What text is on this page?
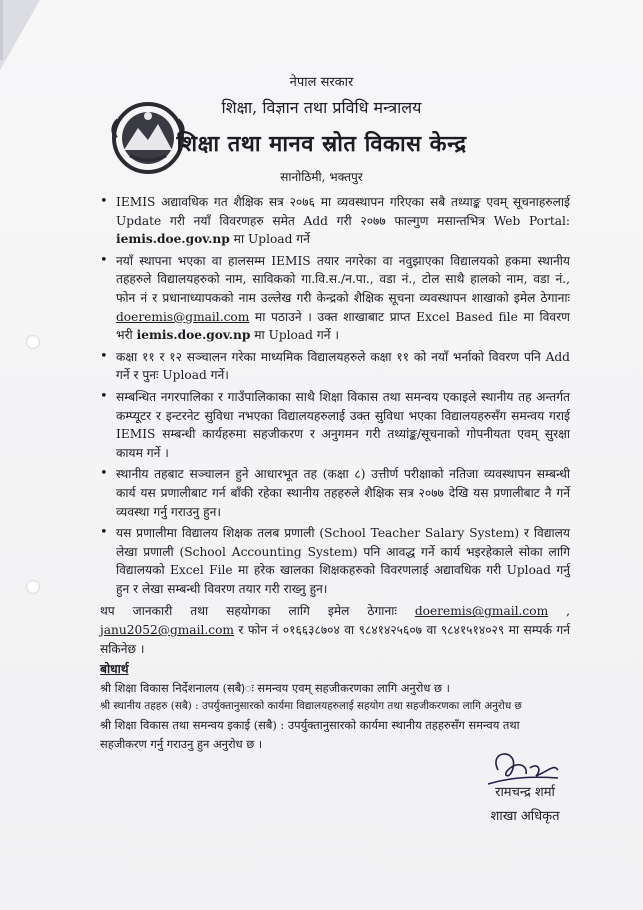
नेपाल सरकार
शिक्षा, विज्ञान तथा प्रविधि मन्त्रालय
शिक्षा तथा मानव स्रोत विकास केन्द्र
सानोठिमी, भक्तपुर
• IEMIS अद्यावधिक गत शैक्षिक सत्र २०७६ मा व्यवस्थापन गरिएका सबै तथ्याङ्क एवम् सूचनाहरुलाई Update गरी नयाँ विवरणहरु समेत Add गरी २०७७ फाल्गुण मसान्तभित्र Web Portal: iemis.doe.gov.np मा Upload गर्ने
• नयाँ स्थापना भएका वा हालसम्म IEMIS तयार नगरेका वा नवुझाएका विद्यालयको हकमा स्थानीय तहहरुले विद्यालयहरुको नाम, साविकको गा.वि.स./न.पा., वडा नं., टोल साथै हालको नाम, वडा नं., फोन नं र प्रधानाध्यापकको नाम उल्लेख गरी केन्द्रको शैक्षिक सूचना व्यवस्थापन शाखाको इमेल ठेगानाः doeremis@gmail.com मा पठाउने । उक्त शाखाबाट प्राप्त Excel Based file मा विवरण भरी iemis.doe.gov.np मा Upload गर्ने ।
• कक्षा ११ र १२ सञ्चालन गरेका माध्यमिक विद्यालयहरुले कक्षा ११ को नयाँ भर्नाको विवरण पनि Add गर्ने र पुनः Upload गर्ने।
• सम्बन्धित नगरपालिका र गाउँपालिकाका साथै शिक्षा विकास तथा समन्वय एकाइले स्थानीय तह अन्तर्गत कम्प्यूटर र इन्टरनेट सुविधा नभएका विद्यालयहरुलाई उक्त सुविधा भएका विद्यालयहरुसँग समन्वय गराई IEMIS सम्बन्धी कार्यहरुमा सहजीकरण र अनुगमन गरी तथ्यांङ्क/सूचनाको गोपनीयता एवम् सुरक्षा कायम गर्ने ।
• स्थानीय तहबाट सञ्चालन हुने आधारभूत तह (कक्षा ८) उत्तीर्ण परीक्षाको नतिजा व्यवस्थापन सम्बन्धी कार्य यस प्रणालीबाट गर्न बाँकी रहेका स्थानीय तहहरुले शैक्षिक सत्र २०७७ देखि यस प्रणालीबाट नै गर्ने व्यवस्था गर्नु गराउनु हुन।
• यस प्रणालीमा विद्यालय शिक्षक तलब प्रणाली (School Teacher Salary System) र विद्यालय लेखा प्रणाली (School Accounting System) पनि आवद्ध गर्ने कार्य भइरहेकाले सोका लागि विद्यालयको Excel File मा हरेक खालका शिक्षकहरुको विवरणलाई अद्यावधिक गरी Upload गर्नु हुन र लेखा सम्बन्धी विवरण तयार गरी राख्नु हुन।
थप जानकारी तथा सहयोगका लागि इमेल ठेगानाः doeremis@gmail.com , janu2052@gmail.com र फोन नं ०१६६३८७०४ वा ९८४१४२५६०७ वा ९८४१५१४०२९ मा सम्पर्क गर्न सकिनेछ ।
बोधार्थ
श्री शिक्षा विकास निर्देशनालय (सबै)ः समन्वय एवम् सहजीकरणका लागि अनुरोध छ ।
श्री स्थानीय तहहरु (सबै) : उपर्युक्तानुसारको कार्यमा विद्यालयहरुलाई सहयोग तथा सहजीकरणका लागि अनुरोध छ
श्री शिक्षा विकास तथा समन्वय इकाई (सबै) : उपर्युक्तानुसारको कार्यमा स्थानीय तहहरुसँग समन्वय तथा सहजीकरण गर्नु गराउनु हुन अनुरोध छ ।
रामचन्द्र शर्मा
शाखा अधिकृत
